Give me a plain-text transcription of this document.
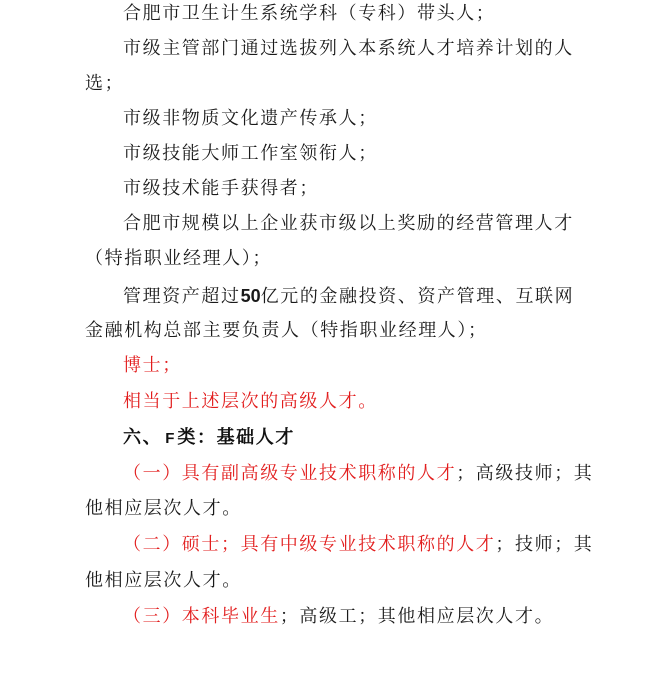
合肥市卫生计生系统学科（专科）带头人；
市级主管部门通过选拔列入本系统人才培养计划的人
选；
市级非物质文化遗产传承人；
市级技能大师工作室领衔人；
市级技术能手获得者；
合肥市规模以上企业获市级以上奖励的经营管理人才
（特指职业经理人）；
管理资产超过50亿元的金融投资、资产管理、互联网
金融机构总部主要负责人（特指职业经理人）；
博士；
相当于上述层次的高级人才。
六、 F 类：基础人才
（一）具有副高级专业技术职称的人才；高级技师；其
他相应层次人才。
（二）硕士；具有中级专业技术职称的人才；技师；其
他相应层次人才。
（三）本科毕业生；高级工；其他相应层次人才。
